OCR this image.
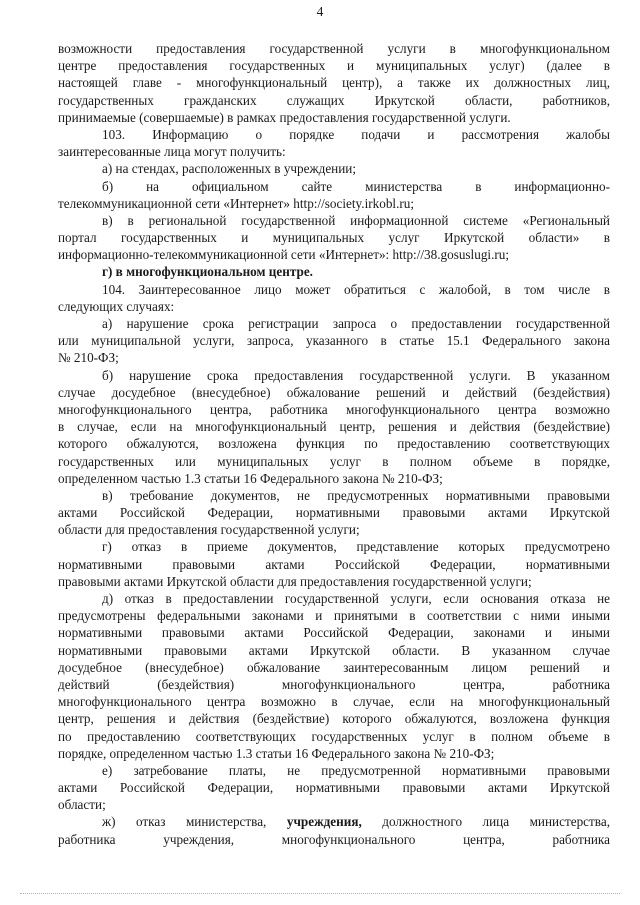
4
возможности предоставления государственной услуги в многофункциональном
центре предоставления государственных и муниципальных услуг) (далее в
настоящей главе - многофункциональный центр), а также их должностных лиц,
государственных гражданских служащих Иркутской области, работников,
принимаемые (совершаемые) в рамках предоставления государственной услуги.
103. Информацию о порядке подачи и рассмотрения жалобы
заинтересованные лица могут получить:
а) на стендах, расположенных в учреждении;
б) на официальном сайте министерства в информационно-
телекоммуникационной сети «Интернет» http://society.irkobl.ru;
в) в региональной государственной информационной системе «Региональный
портал государственных и муниципальных услуг Иркутской области» в
информационно-телекоммуникационной сети «Интернет»: http://38.gosuslugi.ru;
г) в многофункциональном центре.
104. Заинтересованное лицо может обратиться с жалобой, в том числе в
следующих случаях:
а) нарушение срока регистрации запроса о предоставлении государственной
или муниципальной услуги, запроса, указанного в статье 15.1 Федерального закона
№ 210-ФЗ;
б) нарушение срока предоставления государственной услуги. В указанном
случае досудебное (внесудебное) обжалование решений и действий (бездействия)
многофункционального центра, работника многофункционального центра возможно
в случае, если на многофункциональный центр, решения и действия (бездействие)
которого обжалуются, возложена функция по предоставлению соответствующих
государственных или муниципальных услуг в полном объеме в порядке,
определенном частью 1.3 статьи 16 Федерального закона № 210-ФЗ;
в) требование документов, не предусмотренных нормативными правовыми
актами Российской Федерации, нормативными правовыми актами Иркутской
области для предоставления государственной услуги;
г) отказ в приеме документов, представление которых предусмотрено
нормативными правовыми актами Российской Федерации, нормативными
правовыми актами Иркутской области для предоставления государственной услуги;
д) отказ в предоставлении государственной услуги, если основания отказа не
предусмотрены федеральными законами и принятыми в соответствии с ними иными
нормативными правовыми актами Российской Федерации, законами и иными
нормативными правовыми актами Иркутской области. В указанном случае
досудебное (внесудебное) обжалование заинтересованным лицом решений и
действий (бездействия) многофункционального центра, работника
многофункционального центра возможно в случае, если на многофункциональный
центр, решения и действия (бездействие) которого обжалуются, возложена функция
по предоставлению соответствующих государственных услуг в полном объеме в
порядке, определенном частью 1.3 статьи 16 Федерального закона № 210-ФЗ;
е) затребование платы, не предусмотренной нормативными правовыми
актами Российской Федерации, нормативными правовыми актами Иркутской
области;
ж) отказ министерства, учреждения, должностного лица министерства,
работника учреждения, многофункционального центра, работника
